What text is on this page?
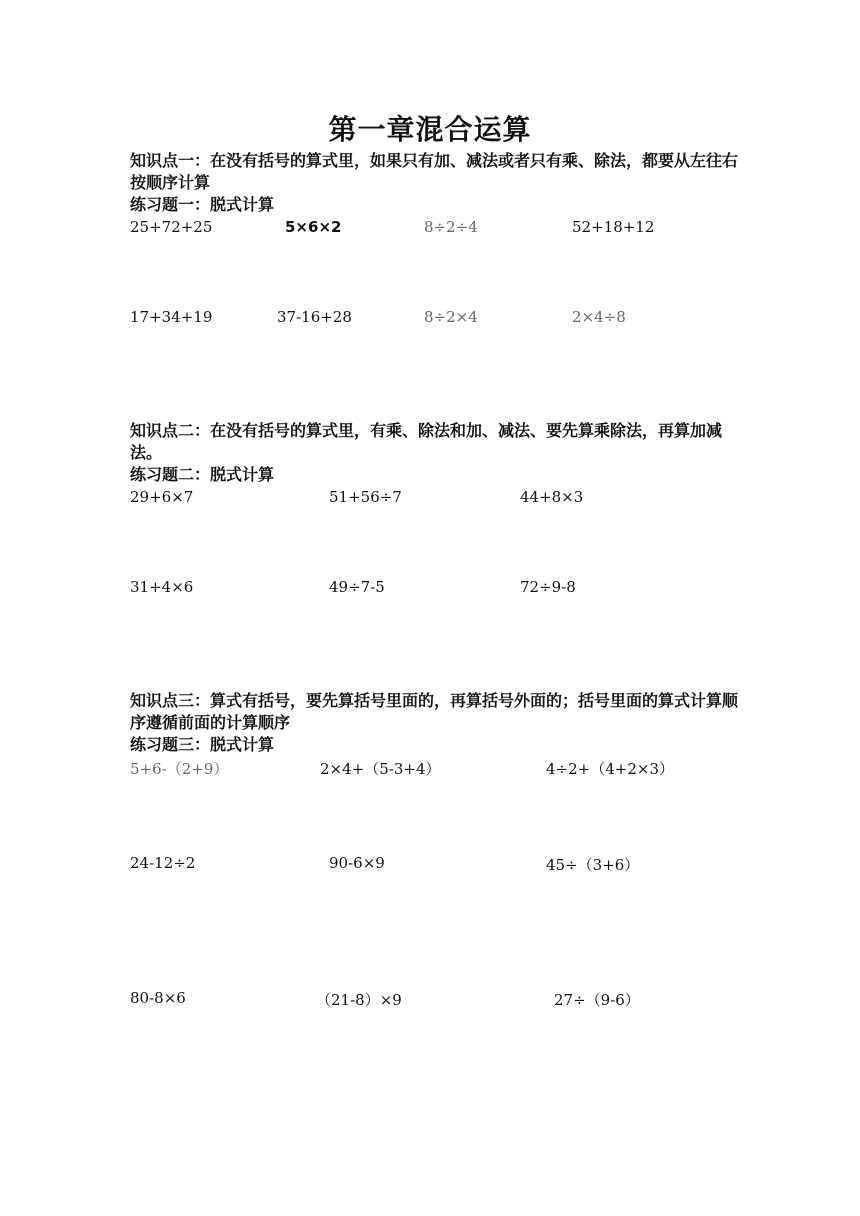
第一章混合运算

知识点一：在没有括号的算式里，如果只有加、减法或者只有乘、除法，都要从左往右按顺序计算

练习题一：脱式计算

25+72+25	5×6×2	8÷2÷4	52+18+12
17+34+19	37-16+28	8÷2×4	2×4÷8

知识点二：在没有括号的算式里，有乘、除法和加、减法、要先算乘除法，再算加减法。

练习题二：脱式计算

29+6×7	51+56÷7	44+8×3
31+4×6	49÷7-5	72÷9-8

知识点三：算式有括号，要先算括号里面的，再算括号外面的；括号里面的算式计算顺序遵循前面的计算顺序

练习题三：脱式计算

5+6-（2+9）	2×4+（5-3+4）	4÷2+（4+2×3）
24-12÷2	90-6×9	45÷（3+6）
80-8×6	（21-8）×9	27÷（9-6）
